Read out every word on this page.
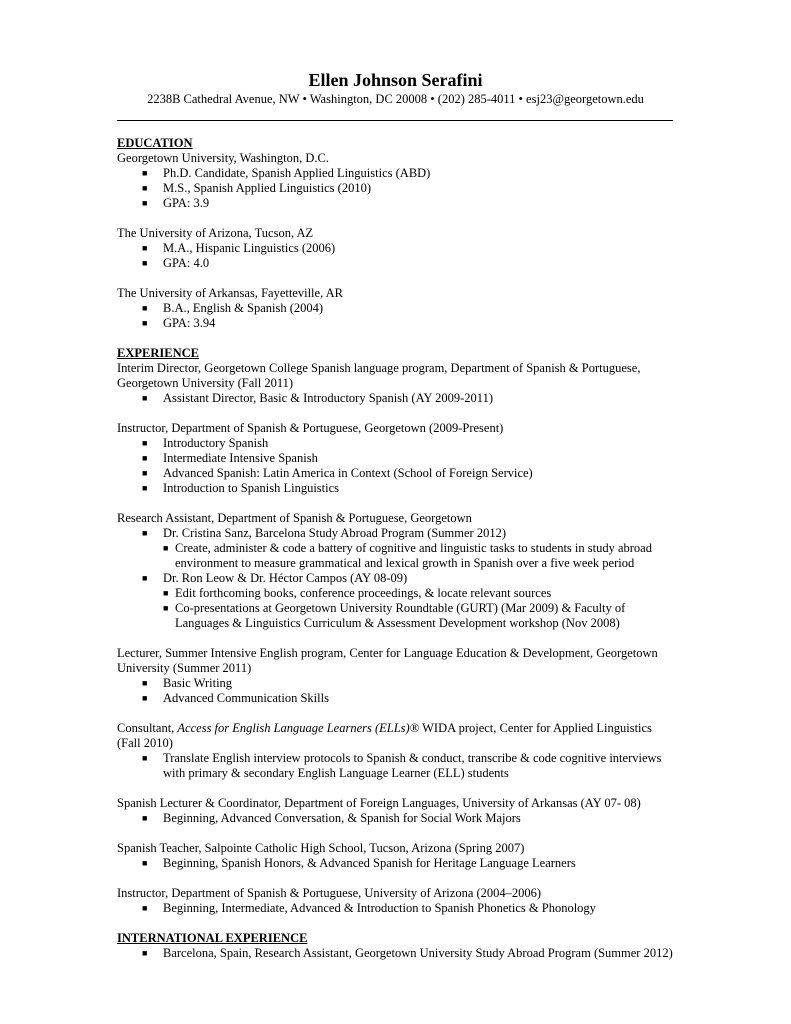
Ellen Johnson Serafini
2238B Cathedral Avenue, NW • Washington, DC 20008 • (202) 285-4011 • esj23@georgetown.edu
EDUCATION
Georgetown University, Washington, D.C.
■ Ph.D. Candidate, Spanish Applied Linguistics (ABD)
■ M.S., Spanish Applied Linguistics (2010)
■ GPA: 3.9
The University of Arizona, Tucson, AZ
■ M.A., Hispanic Linguistics (2006)
■ GPA: 4.0
The University of Arkansas, Fayetteville, AR
■ B.A., English & Spanish (2004)
■ GPA: 3.94
EXPERIENCE
Interim Director, Georgetown College Spanish language program, Department of Spanish & Portuguese, Georgetown University (Fall 2011)
■ Assistant Director, Basic & Introductory Spanish (AY 2009-2011)
Instructor, Department of Spanish & Portuguese, Georgetown (2009-Present)
■ Introductory Spanish
■ Intermediate Intensive Spanish
■ Advanced Spanish: Latin America in Context (School of Foreign Service)
■ Introduction to Spanish Linguistics
Research Assistant, Department of Spanish & Portuguese, Georgetown
■ Dr. Cristina Sanz, Barcelona Study Abroad Program (Summer 2012)
■ Create, administer & code a battery of cognitive and linguistic tasks to students in study abroad environment to measure grammatical and lexical growth in Spanish over a five week period
■ Dr. Ron Leow & Dr. Héctor Campos (AY 08-09)
■ Edit forthcoming books, conference proceedings, & locate relevant sources
■ Co-presentations at Georgetown University Roundtable (GURT) (Mar 2009) & Faculty of Languages & Linguistics Curriculum & Assessment Development workshop (Nov 2008)
Lecturer, Summer Intensive English program, Center for Language Education & Development, Georgetown University (Summer 2011)
■ Basic Writing
■ Advanced Communication Skills
Consultant, Access for English Language Learners (ELLs)® WIDA project, Center for Applied Linguistics (Fall 2010)
■ Translate English interview protocols to Spanish & conduct, transcribe & code cognitive interviews with primary & secondary English Language Learner (ELL) students
Spanish Lecturer & Coordinator, Department of Foreign Languages, University of Arkansas (AY 07- 08)
■ Beginning, Advanced Conversation, & Spanish for Social Work Majors
Spanish Teacher, Salpointe Catholic High School, Tucson, Arizona (Spring 2007)
■ Beginning, Spanish Honors, & Advanced Spanish for Heritage Language Learners
Instructor, Department of Spanish & Portuguese, University of Arizona (2004–2006)
■ Beginning, Intermediate, Advanced & Introduction to Spanish Phonetics & Phonology
INTERNATIONAL EXPERIENCE
■ Barcelona, Spain, Research Assistant, Georgetown University Study Abroad Program (Summer 2012)
